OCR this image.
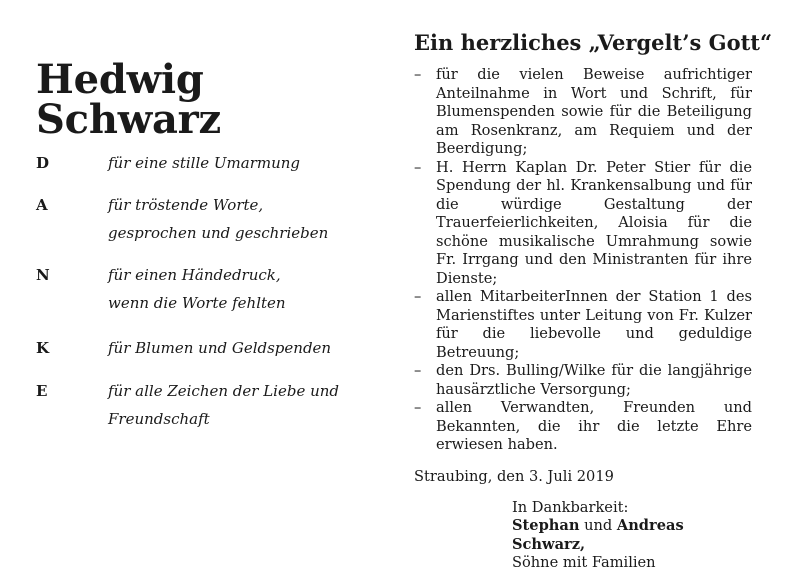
Hedwig Schwarz
D	für eine stille Umarmung
A	für tröstende Worte,
gesprochen und geschrieben
N	für einen Händedruck,
wenn die Worte fehlten
K	für Blumen und Geldspenden
E	für alle Zeichen der Liebe und
Freundschaft
Ein herzliches „Vergelt’s Gott“
– für die vielen Beweise aufrichtiger Anteilnahme in Wort und Schrift, für Blumenspenden sowie für die Beteiligung am Rosenkranz, am Requiem und der Beerdigung;
– H. Herrn Kaplan Dr. Peter Stier für die Spendung der hl. Krankensalbung und für die würdige Gestaltung der Trauerfeierlichkeiten, Aloisia für die schöne musikalische Umrahmung sowie Fr. Irrgang und den Ministranten für ihre Dienste;
– allen MitarbeiterInnen der Station 1 des Marienstiftes unter Leitung von Fr. Kulzer für die liebevolle und geduldige Betreuung;
– den Drs. Bulling/Wilke für die langjährige hausärztliche Versorgung;
– allen Verwandten, Freunden und Bekannten, die ihr die letzte Ehre erwiesen haben.
Straubing, den 3. Juli 2019
In Dankbarkeit:
Stephan und Andreas Schwarz,
Söhne mit Familien
